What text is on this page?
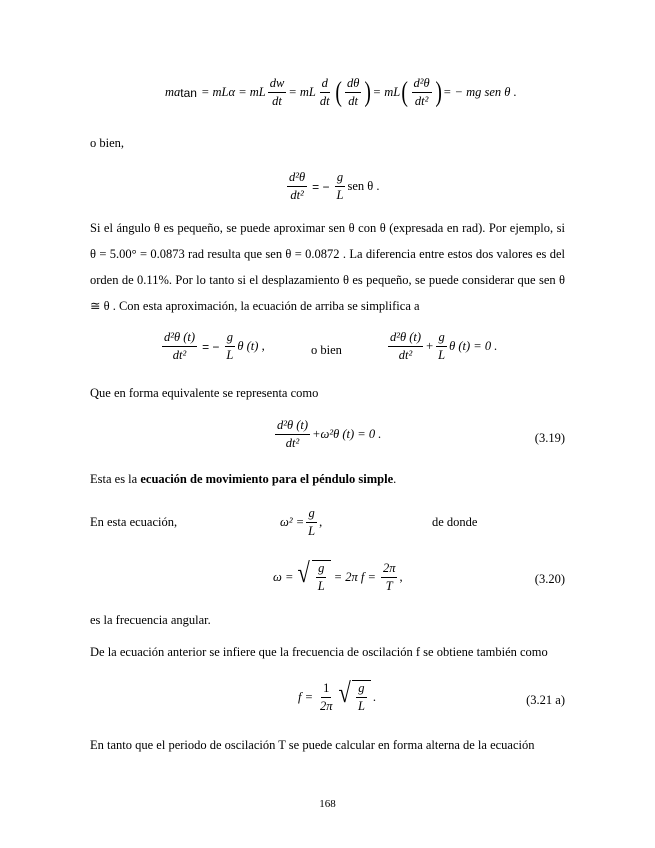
ma tan = mLα = mL $\frac{dw}{dt}$ = mL $\frac{d}{dt}$ ( $\frac{d\theta}{dt}$ ) = mL ( $\frac{\text{d²θ}}{\text{dt²}}$ ) = − mg sen θ .
o bien,
$\frac{\text{d²θ}}{\text{dt²}}$ = − $\frac{g}{L}$ sen θ .
Si el ángulo θ es pequeño, se puede aproximar sen θ con θ (expresada en rad). Por ejemplo, si θ = 5.00° = 0.0873 rad resulta que sen θ = 0.0872 . La diferencia entre estos dos valores es del orden de 0.11%. Por lo tanto si el desplazamiento θ es pequeño, se puede considerar que sen θ ≅ θ . Con esta aproximación, la ecuación de arriba se simplifica a
$\frac{\text{d²θ (t)}}{\text{dt²}}$ = − $\frac{g}{L}$ θ (t) ,	o bien	$\frac{\text{d²θ (t)}}{\text{dt²}} + \frac{g}{L}$ θ (t) = 0 .
Que en forma equivalente se representa como
$\frac{\text{d²θ (t)}}{\text{dt²}} +\omega^2\theta$ (t) = 0 .	(3.19)
Esta es la ecuación de movimiento para el péndulo simple.
En esta ecuación,	$\omega^2 = \frac{g}{L}$ ,	de donde
ω = √ $\frac{g}{L} = 2\pi$ $f = \frac{2\pi}{T}$ ,	(3.20)
es la frecuencia angular.
De la ecuación anterior se infiere que la frecuencia de oscilación f se obtiene también como
$f = \frac{1}{2\pi}$ √ $\frac{g}{L}$ .	(3.21 a)
En tanto que el periodo de oscilación T se puede calcular en forma alterna de la ecuación
168
